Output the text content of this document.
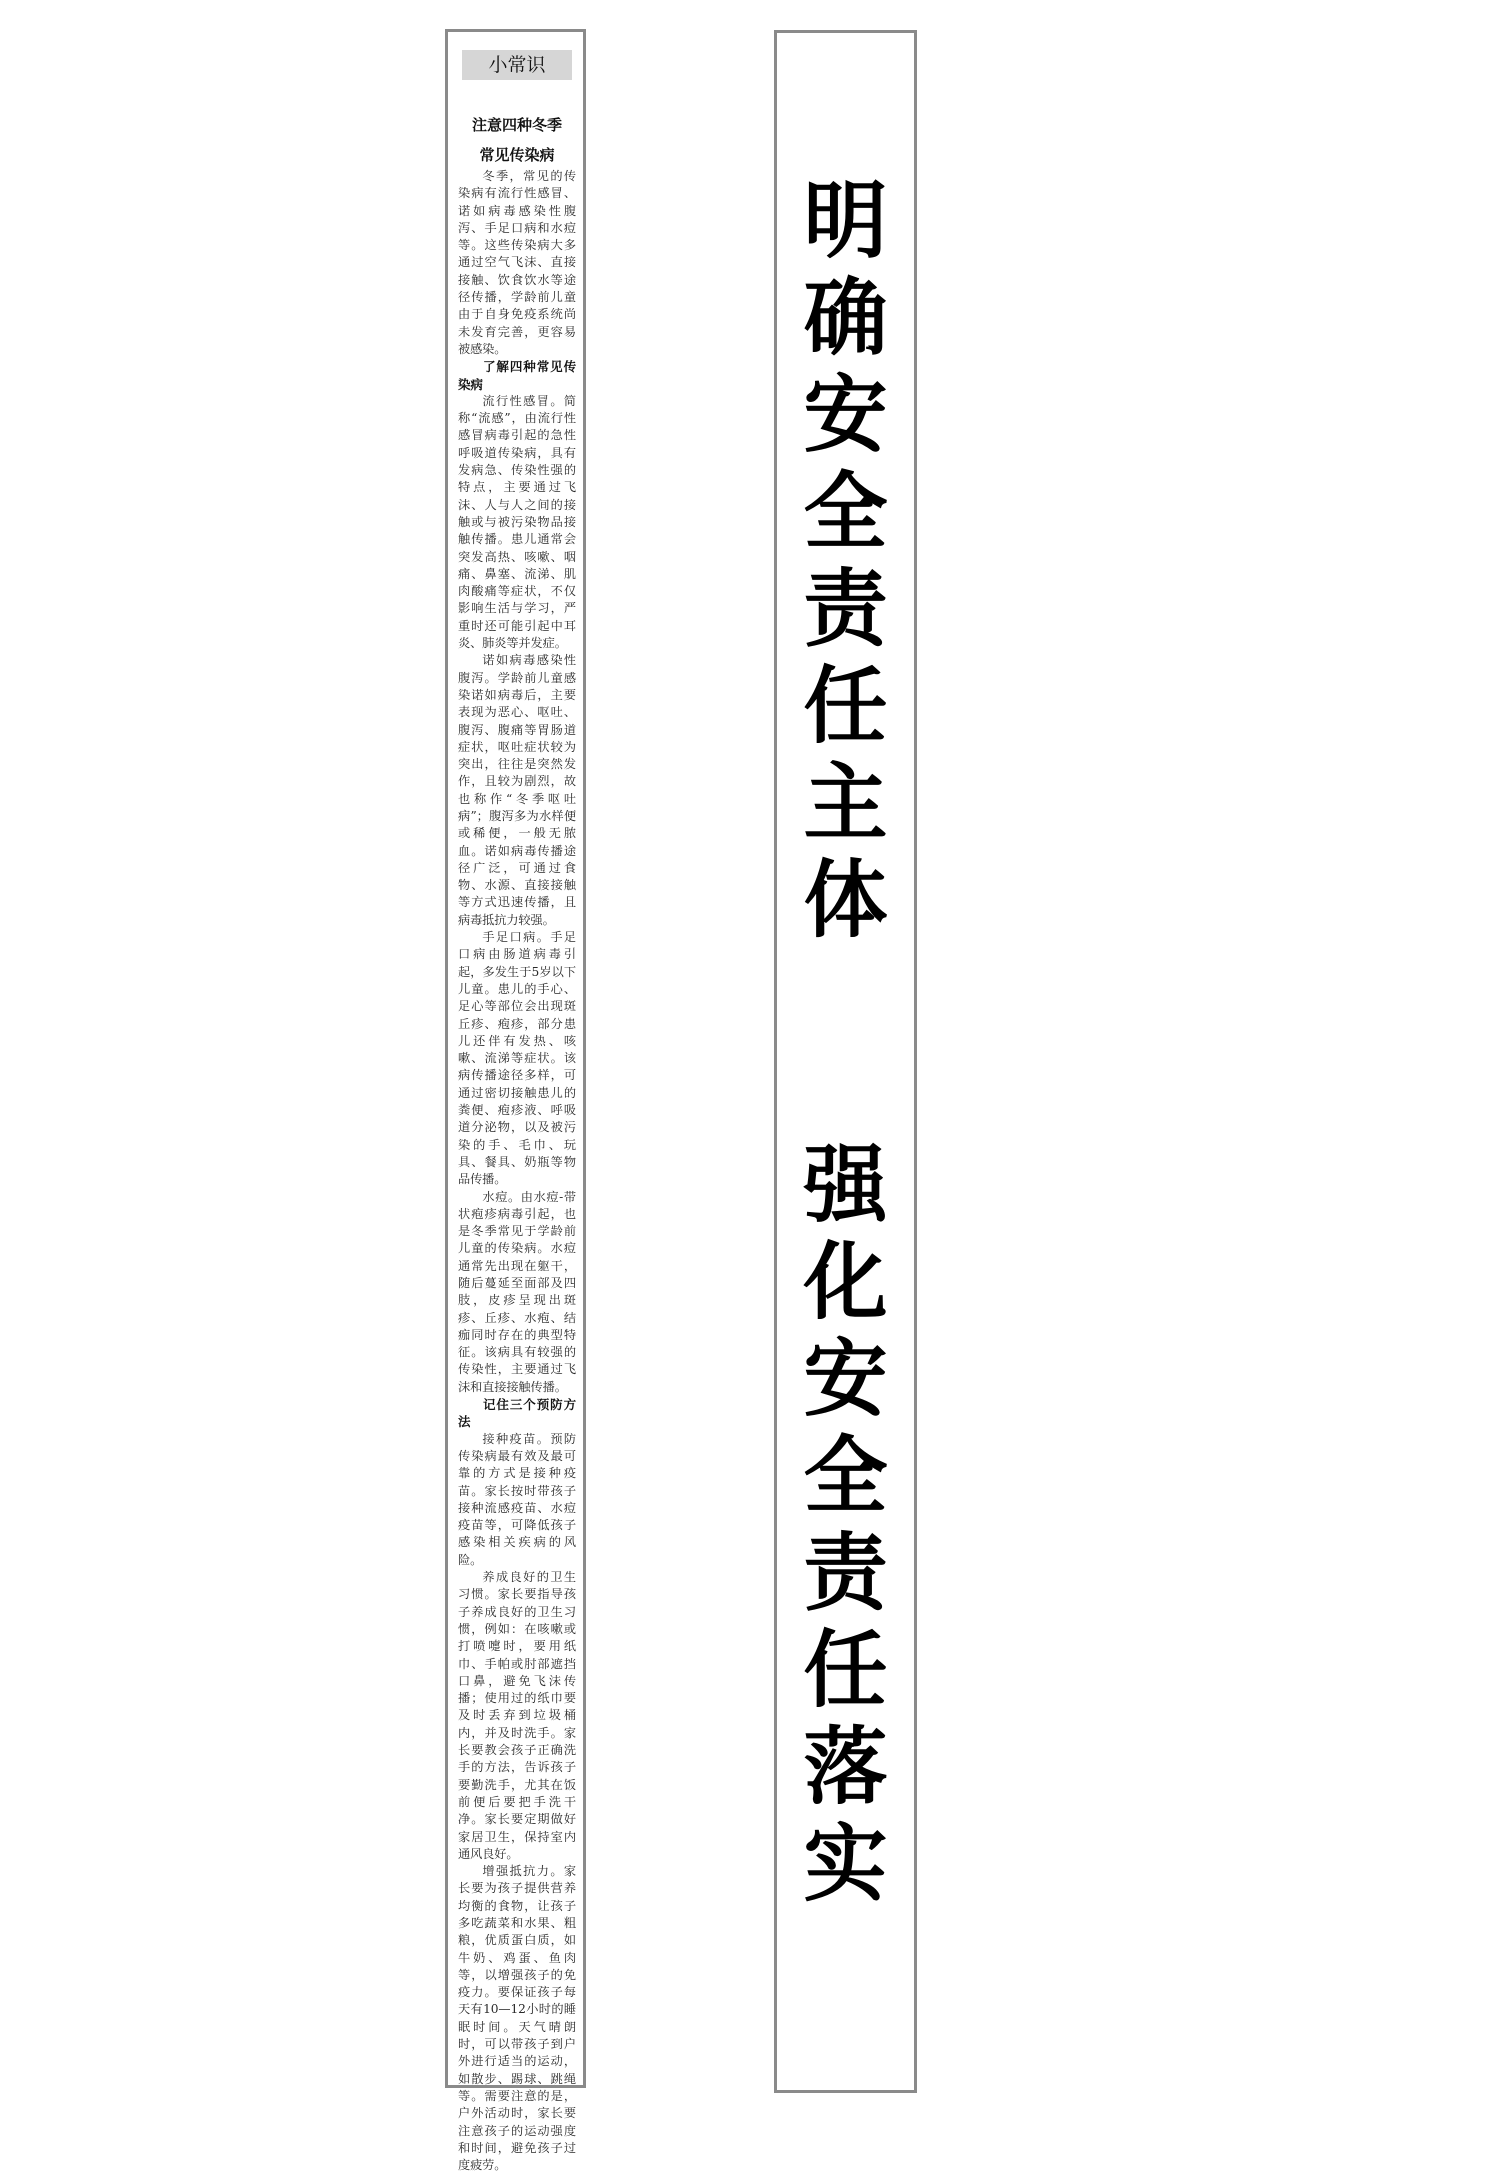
小常识
注意四种冬季
常见传染病

冬季，常见的传染病有流行性感冒、诺如病毒感染性腹泻、手足口病和水痘等。这些传染病大多通过空气飞沫、直接接触、饮食饮水等途径传播，学龄前儿童由于自身免疫系统尚未发育完善，更容易被感染。

了解四种常见传染病

流行性感冒。简称“流感”，由流行性感冒病毒引起的急性呼吸道传染病，具有发病急、传染性强的特点，主要通过飞沫、人与人之间的接触或与被污染物品接触传播。患儿通常会突发高热、咳嗽、咽痛、鼻塞、流涕、肌肉酸痛等症状，不仅影响生活与学习，严重时还可能引起中耳炎、肺炎等并发症。

诺如病毒感染性腹泻。学龄前儿童感染诺如病毒后，主要表现为恶心、呕吐、腹泻、腹痛等胃肠道症状，呕吐症状较为突出，往往是突然发作，且较为剧烈，故也称作“冬季呕吐病”；腹泻多为水样便或稀便，一般无脓血。诺如病毒传播途径广泛，可通过食物、水源、直接接触等方式迅速传播，且病毒抵抗力较强。

手足口病。手足口病由肠道病毒引起，多发生于5岁以下儿童。患儿的手心、足心等部位会出现斑丘疹、疱疹，部分患儿还伴有发热、咳嗽、流涕等症状。该病传播途径多样，可通过密切接触患儿的粪便、疱疹液、呼吸道分泌物，以及被污染的手、毛巾、玩具、餐具、奶瓶等物品传播。

水痘。由水痘-带状疱疹病毒引起，也是冬季常见于学龄前儿童的传染病。水痘通常先出现在躯干，随后蔓延至面部及四肢，皮疹呈现出斑疹、丘疹、水疱、结痂同时存在的典型特征。该病具有较强的传染性，主要通过飞沫和直接接触传播。

记住三个预防方法

接种疫苗。预防传染病最有效及最可靠的方式是接种疫苗。家长按时带孩子接种流感疫苗、水痘疫苗等，可降低孩子感染相关疾病的风险。

养成良好的卫生习惯。家长要指导孩子养成良好的卫生习惯，例如：在咳嗽或打喷嚏时，要用纸巾、手帕或肘部遮挡口鼻，避免飞沫传播；使用过的纸巾要及时丢弃到垃圾桶内，并及时洗手。家长要教会孩子正确洗手的方法，告诉孩子要勤洗手，尤其在饭前便后要把手洗干净。家长要定期做好家居卫生，保持室内通风良好。

增强抵抗力。家长要为孩子提供营养均衡的食物，让孩子多吃蔬菜和水果、粗粮，优质蛋白质，如牛奶、鸡蛋、鱼肉等，以增强孩子的免疫力。要保证孩子每天有10—12小时的睡眠时间。天气晴朗时，可以带孩子到户外进行适当的运动，如散步、踢球、跳绳等。需要注意的是，户外活动时，家长要注意孩子的运动强度和时间，避免孩子过度疲劳。

明
确
安
全
责
任
主
体
强
化
安
全
责
任
落
实
